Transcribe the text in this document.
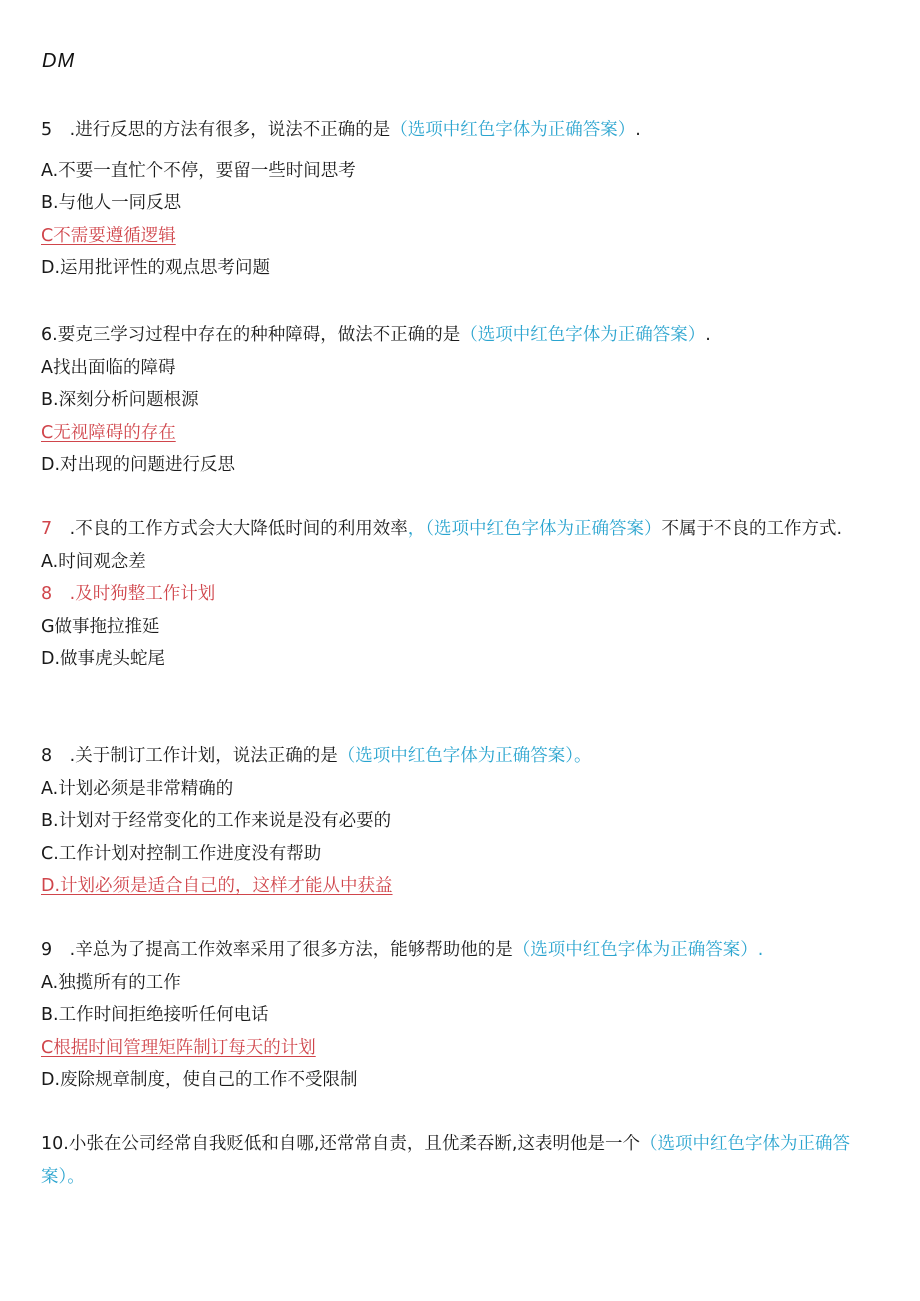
DM
5 .进行反思的方法有很多，说法不正确的是（选项中红色字体为正确答案）.
A.不要一直忙个不停，要留一些时间思考
B.与他人一同反思
C不需要遵循逻辑
D.运用批评性的观点思考问题
6.要克三学习过程中存在的种种障碍，做法不正确的是（选项中红色字体为正确答案）.
A找出面临的障碍
B.深刻分析问题根源
C无视障碍的存在
D.对出现的问题进行反思
7 .不良的工作方式会大大降低时间的利用效率，（选项中红色字体为正确答案）不属于不良的工作方式.
A.时间观念差
8 .及时狗整工作计划
G做事拖拉推延
D.做事虎头蛇尾
8 .关于制订工作计划，说法正确的是（选项中红色字体为正确答案）。
A.计划必须是非常精确的
B.计划对于经常变化的工作来说是没有必要的
C.工作计划对控制工作进度没有帮助
D.计划必须是适合自己的，这样才能从中获益
9 .辛总为了提高工作效率采用了很多方法，能够帮助他的是（选项中红色字体为正确答案）.
A.独揽所有的工作
B.工作时间拒绝接听任何电话
C根据时间管理矩阵制订每天的计划
D.废除规章制度，使自己的工作不受限制
10.小张在公司经常自我贬低和自哪,还常常自责，且优柔吞断,这表明他是一个（选项中红色字体为正确答案）。
